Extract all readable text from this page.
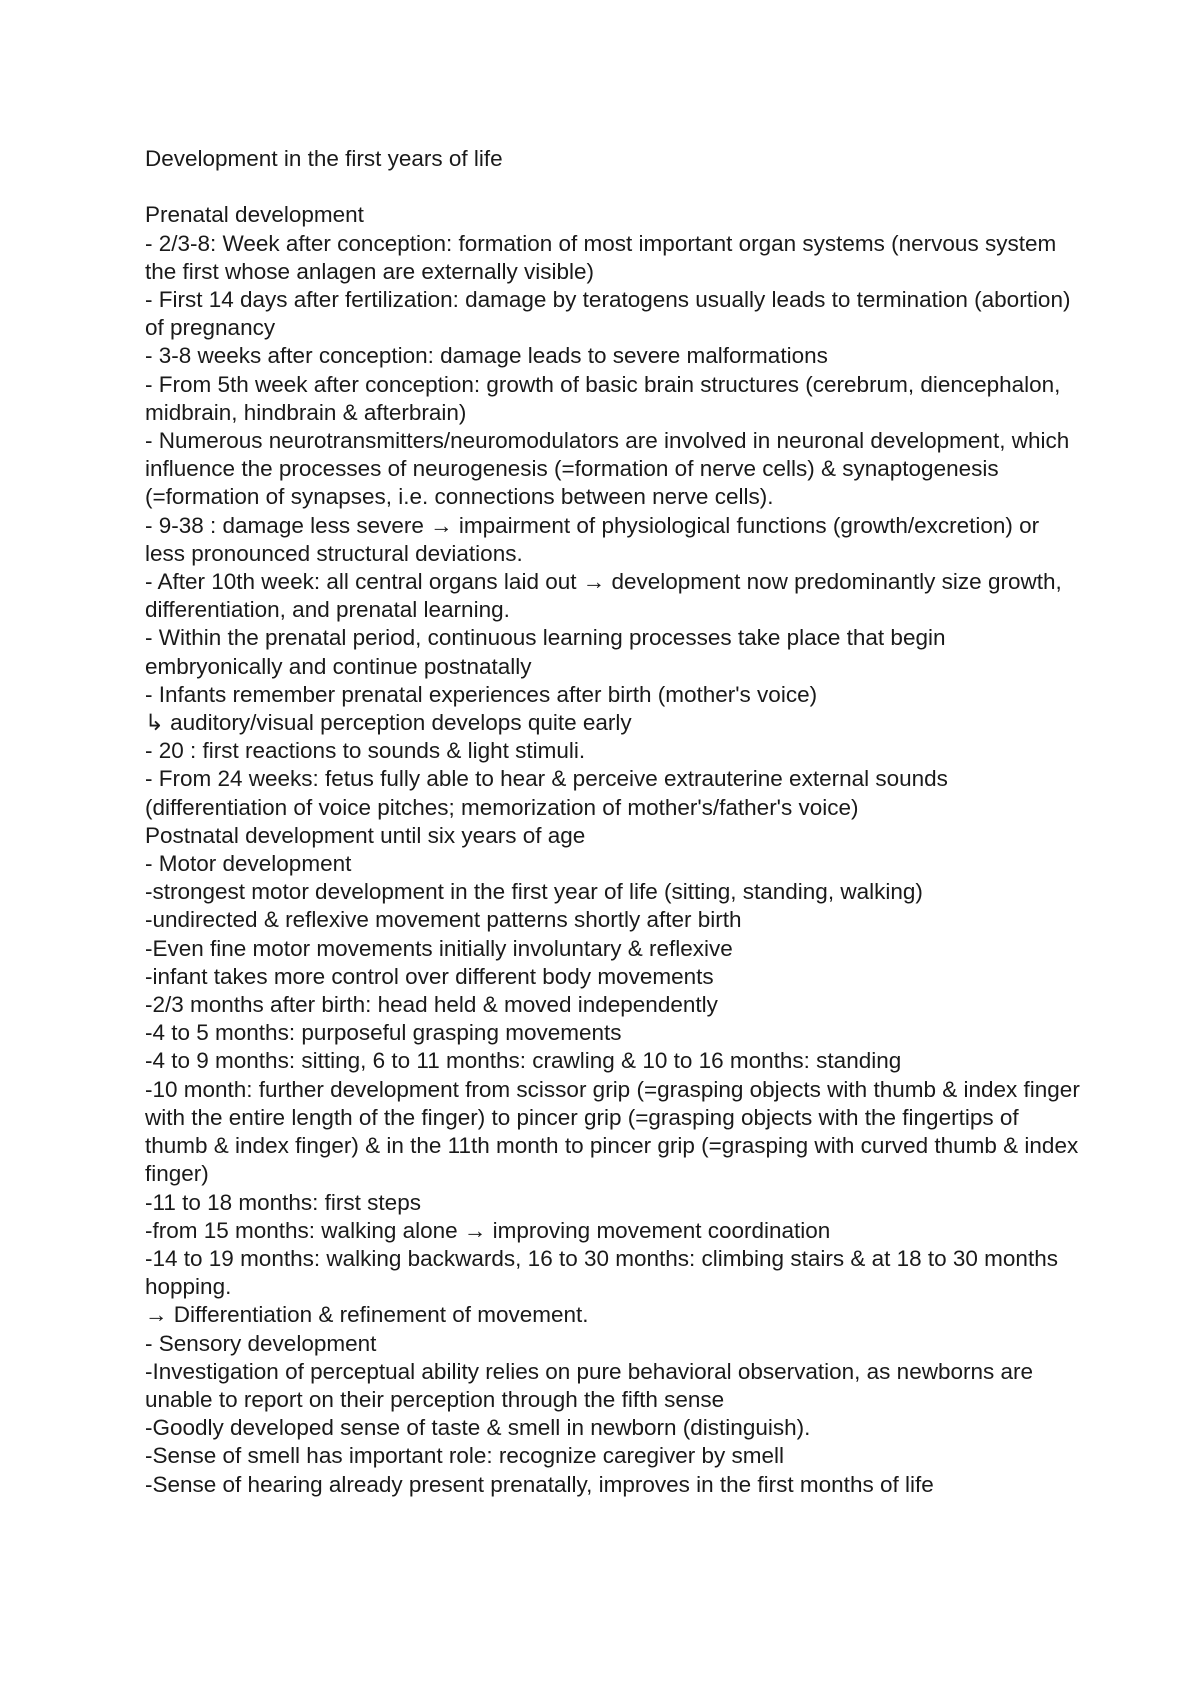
Development in the first years of life

Prenatal development

- 2/3-8: Week after conception: formation of most important organ systems (nervous system the first whose anlagen are externally visible)

- First 14 days after fertilization: damage by teratogens usually leads to termination (abortion) of pregnancy

- 3-8 weeks after conception: damage leads to severe malformations

- From 5th week after conception: growth of basic brain structures (cerebrum, diencephalon, midbrain, hindbrain & afterbrain)

- Numerous neurotransmitters/neuromodulators are involved in neuronal development, which influence the processes of neurogenesis (=formation of nerve cells) & synaptogenesis (=formation of synapses, i.e. connections between nerve cells).

- 9-38 : damage less severe → impairment of physiological functions (growth/excretion) or less pronounced structural deviations.

- After 10th week: all central organs laid out → development now predominantly size growth, differentiation, and prenatal learning.

- Within the prenatal period, continuous learning processes take place that begin embryonically and continue postnatally

- Infants remember prenatal experiences after birth (mother's voice)

↳ auditory/visual perception develops quite early

- 20 : first reactions to sounds & light stimuli.

- From 24 weeks: fetus fully able to hear & perceive extrauterine external sounds (differentiation of voice pitches; memorization of mother's/father's voice)

Postnatal development until six years of age

- Motor development

-strongest motor development in the first year of life (sitting, standing, walking)

-undirected & reflexive movement patterns shortly after birth

-Even fine motor movements initially involuntary & reflexive

-infant takes more control over different body movements

-2/3 months after birth: head held & moved independently

-4 to 5 months: purposeful grasping movements

-4 to 9 months: sitting, 6 to 11 months: crawling & 10 to 16 months: standing

-10 month: further development from scissor grip (=grasping objects with thumb & index finger with the entire length of the finger) to pincer grip (=grasping objects with the fingertips of thumb & index finger) & in the 11th month to pincer grip (=grasping with curved thumb & index finger)

-11 to 18 months: first steps

-from 15 months: walking alone → improving movement coordination

-14 to 19 months: walking backwards, 16 to 30 months: climbing stairs & at 18 to 30 months hopping.

→ Differentiation & refinement of movement.

- Sensory development

-Investigation of perceptual ability relies on pure behavioral observation, as newborns are unable to report on their perception through the fifth sense

-Goodly developed sense of taste & smell in newborn (distinguish).

-Sense of smell has important role: recognize caregiver by smell

-Sense of hearing already present prenatally, improves in the first months of life
